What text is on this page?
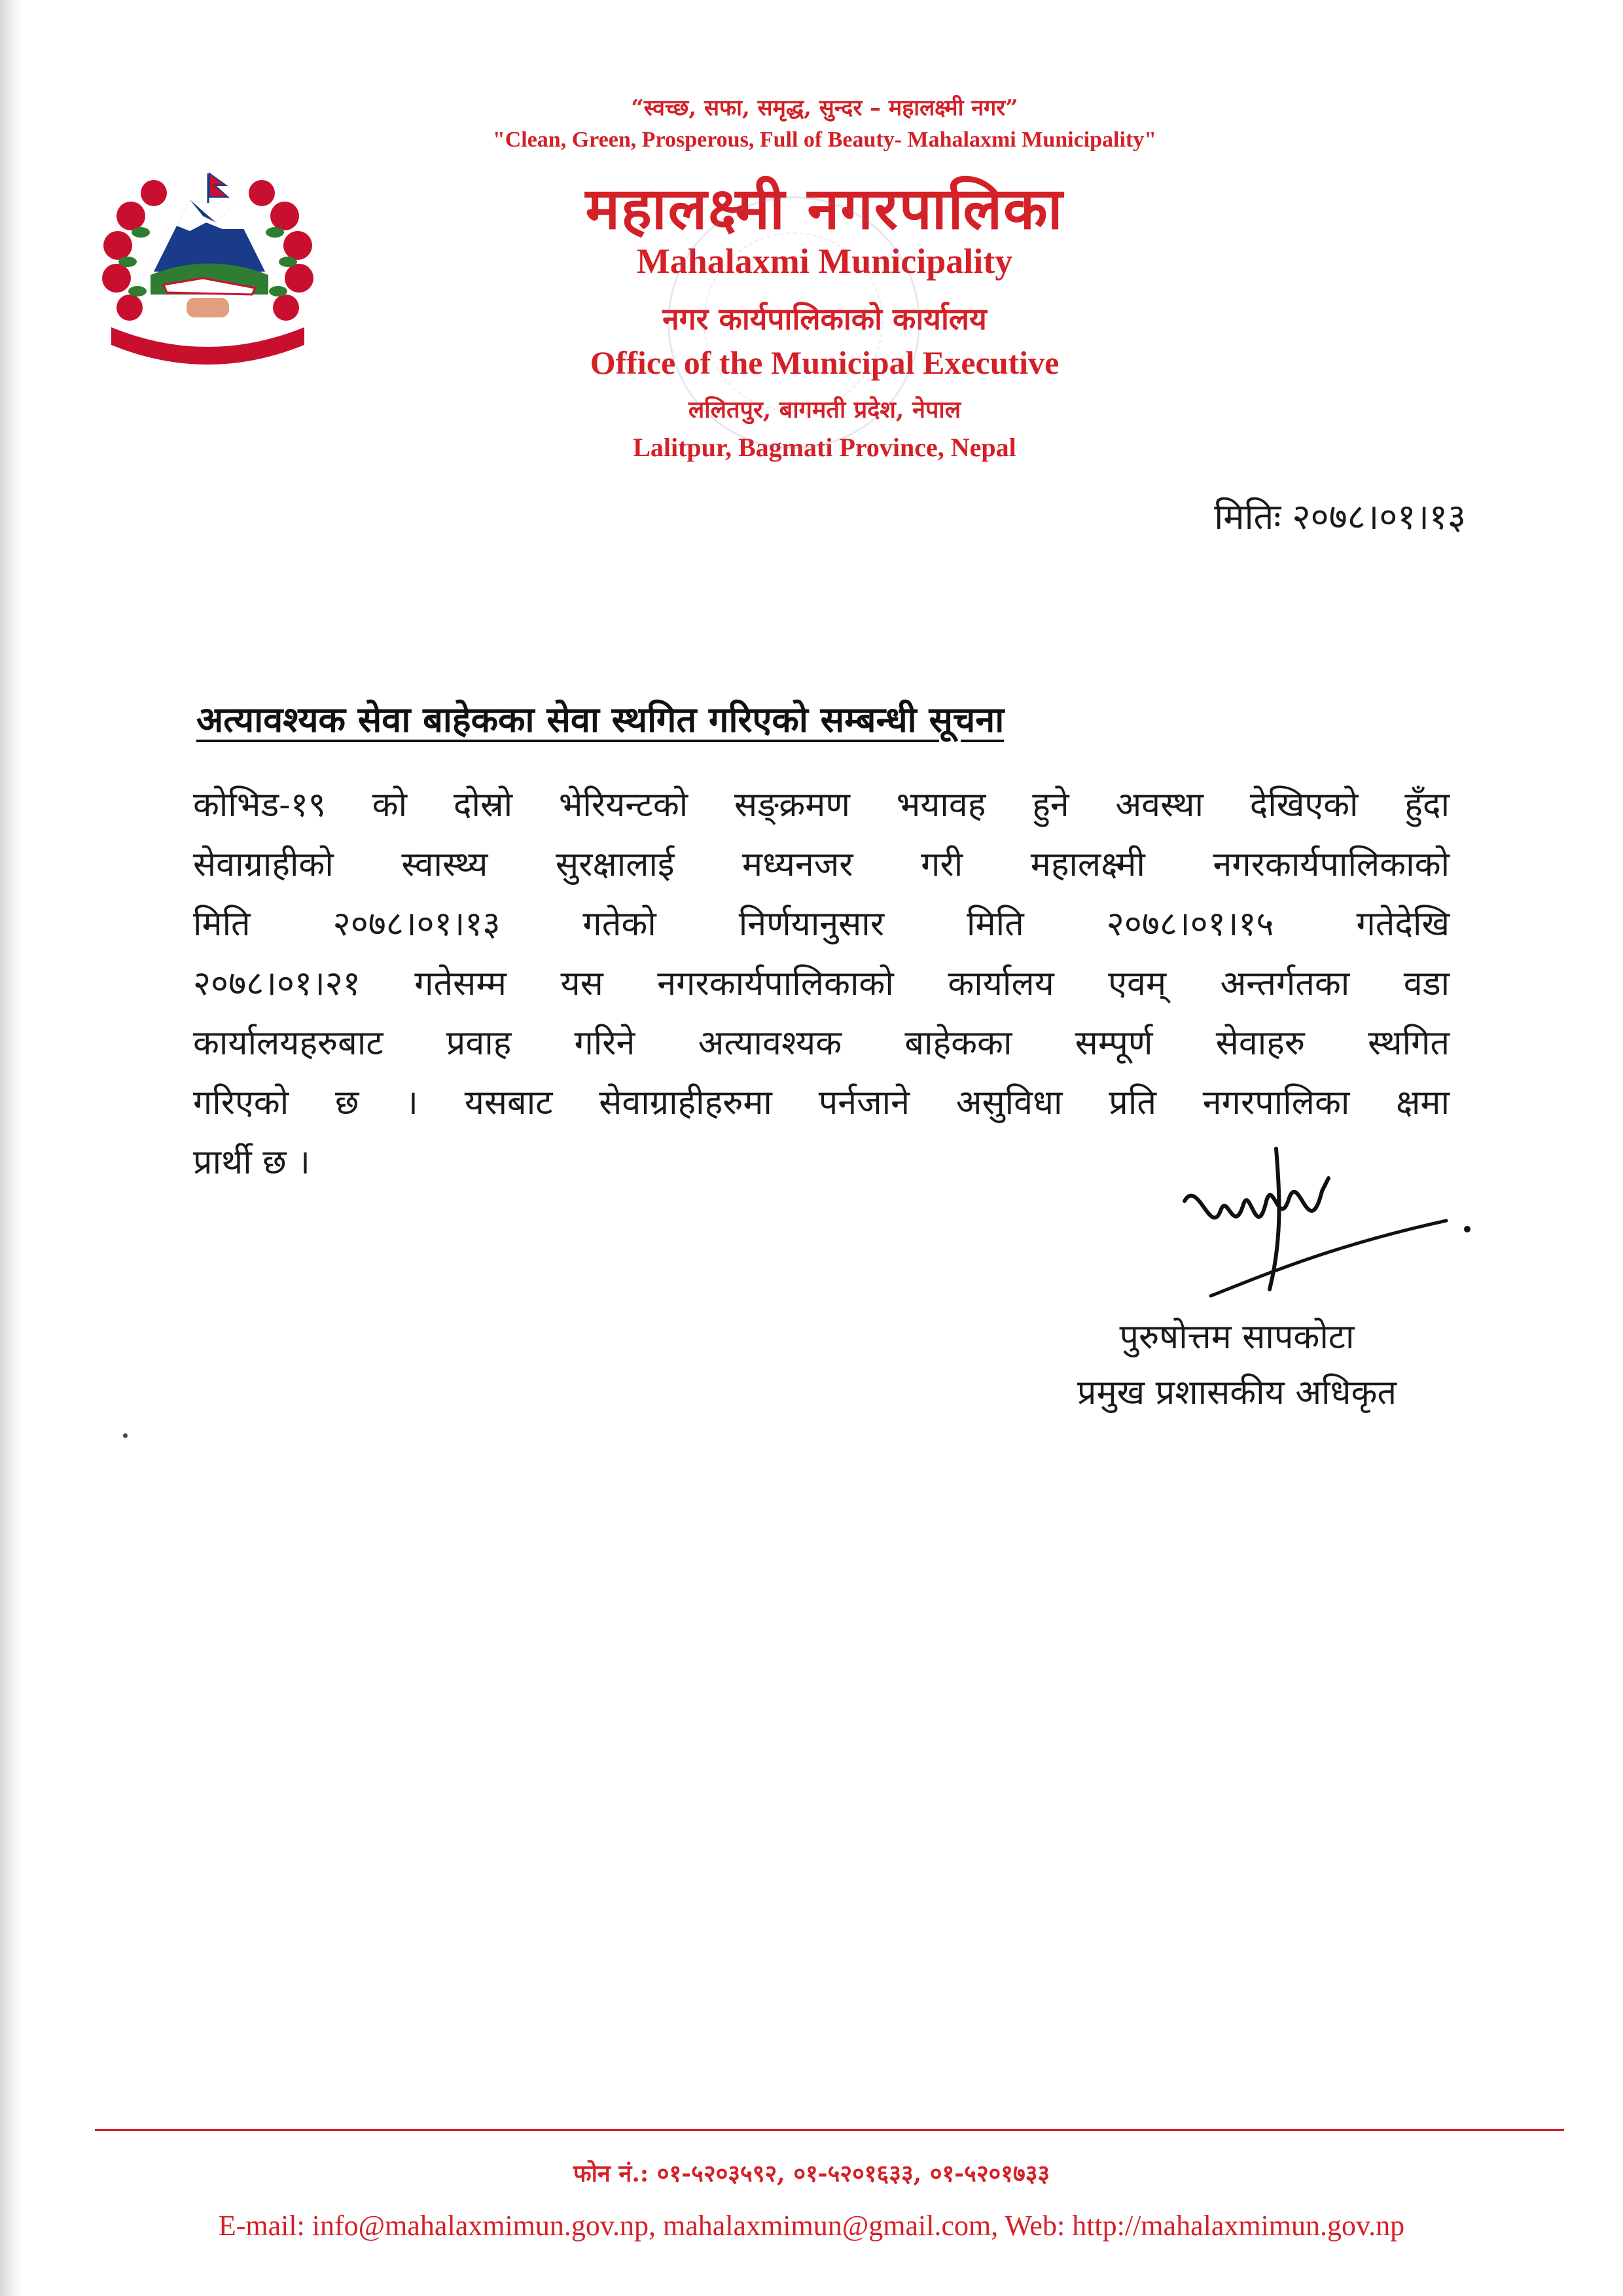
“स्वच्छ, सफा, समृद्ध, सुन्दर – महालक्ष्मी नगर”
"Clean, Green, Prosperous, Full of Beauty- Mahalaxmi Municipality"
महालक्ष्मी नगरपालिका
Mahalaxmi Municipality
नगर कार्यपालिकाको कार्यालय
Office of the Municipal Executive
ललितपुर, बागमती प्रदेश, नेपाल
Lalitpur, Bagmati Province, Nepal
मितिः २०७८।०१।१३
अत्यावश्यक सेवा बाहेकका सेवा स्थगित गरिएको सम्बन्धी सूचना
कोभिड-१९ को दोस्रो भेरियन्टको सङ्क्रमण भयावह हुने अवस्था देखिएको हुँदा
सेवाग्राहीको स्वास्थ्य सुरक्षालाई मध्यनजर गरी महालक्ष्मी नगरकार्यपालिकाको
मिति २०७८।०१।१३ गतेको निर्णयानुसार मिति २०७८।०१।१५ गतेदेखि
२०७८।०१।२१ गतेसम्म यस नगरकार्यपालिकाको कार्यालय एवम् अन्तर्गतका वडा
कार्यालयहरुबाट प्रवाह गरिने अत्यावश्यक बाहेकका सम्पूर्ण सेवाहरु स्थगित
गरिएको छ । यसबाट सेवाग्राहीहरुमा पर्नजाने असुविधा प्रति नगरपालिका क्षमा
प्रार्थी छ ।
पुरुषोत्तम सापकोटा
प्रमुख प्रशासकीय अधिकृत
फोन नं.: ०१-५२०३५९२, ०१-५२०१६३३, ०१-५२०१७३३
E-mail: info@mahalaxmimun.gov.np, mahalaxmimun@gmail.com, Web: http://mahalaxmimun.gov.np
